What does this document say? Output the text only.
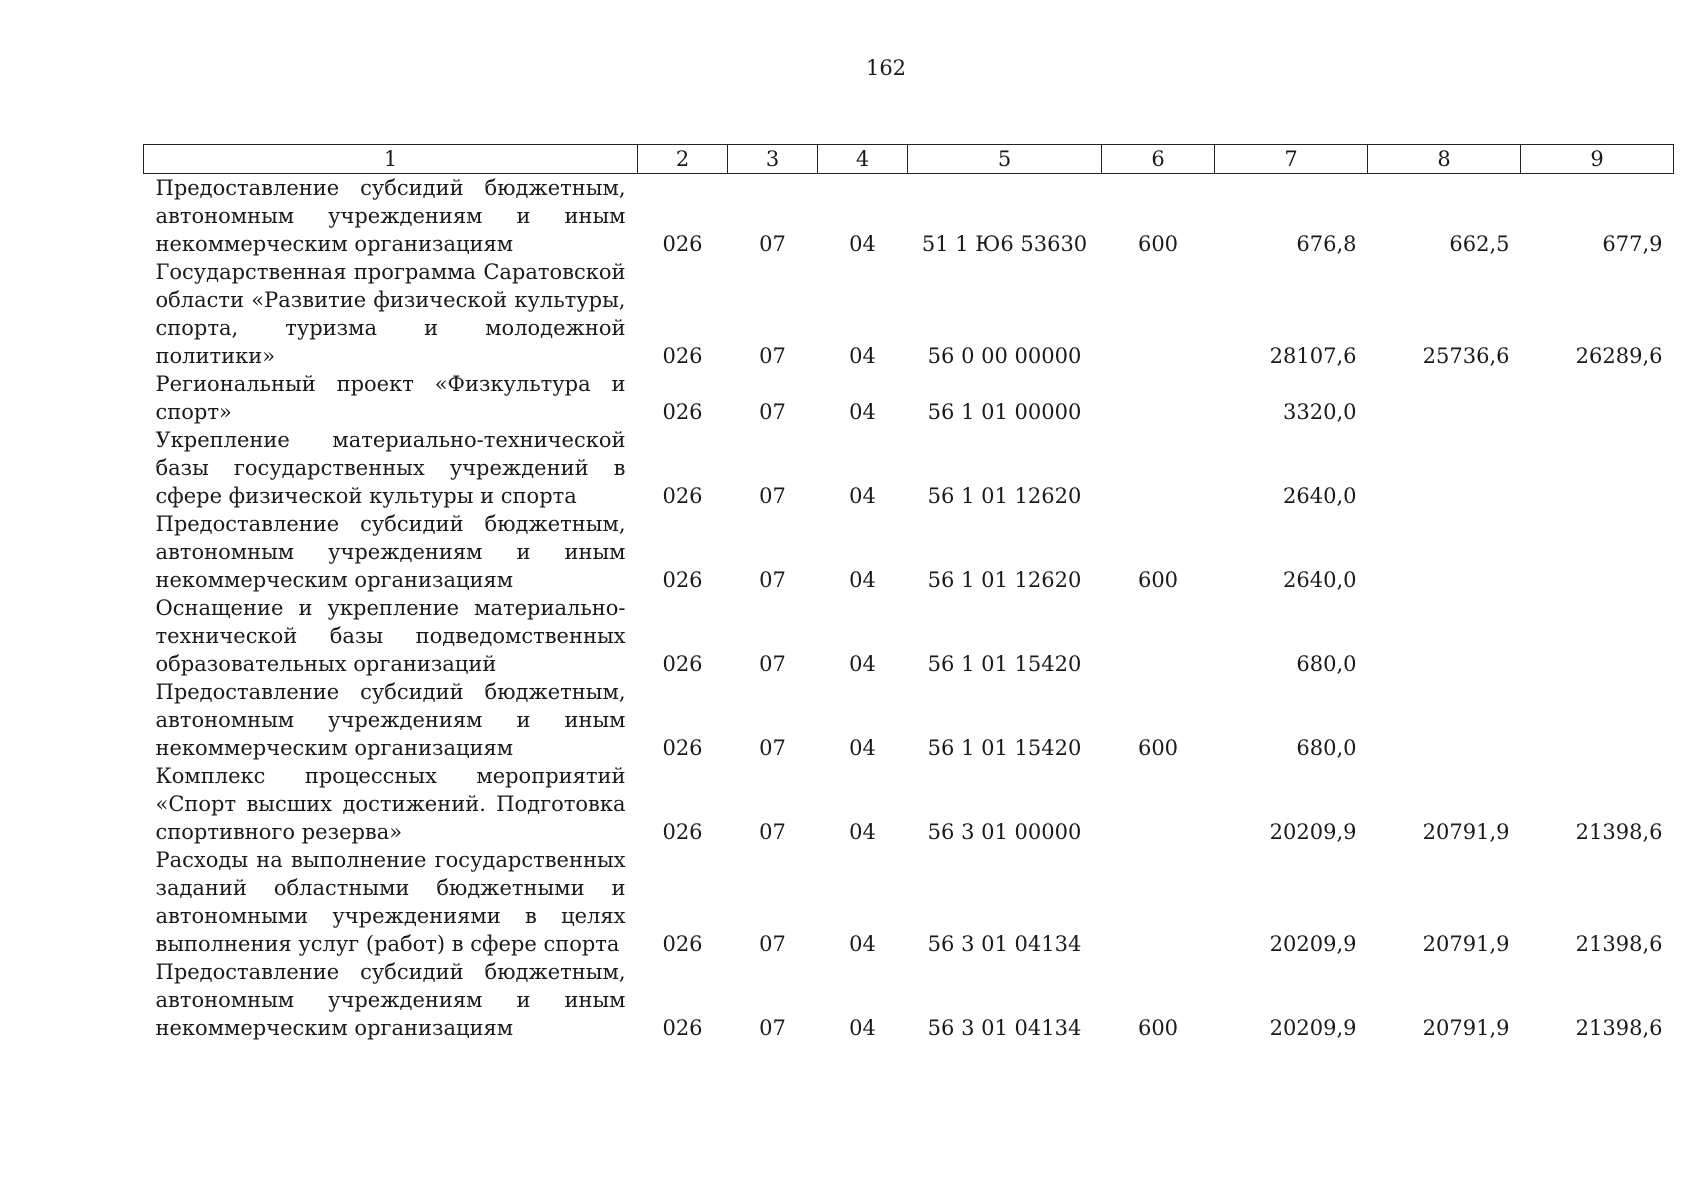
162
1	2	3	4	5	6	7	8	9
Предоставление субсидий бюджетным, автономным учреждениям и иным некоммерческим организациям	026	07	04	51 1 Ю6 53630	600	676,8	662,5	677,9
Государственная программа Саратовской области «Развитие физической культуры, спорта, туризма и молодежной политики»	026	07	04	56 0 00 00000		28107,6	25736,6	26289,6
Региональный проект «Физкультура и спорт»	026	07	04	56 1 01 00000		3320,0		
Укрепление материально-технической базы государственных учреждений в сфере физической культуры и спорта	026	07	04	56 1 01 12620		2640,0		
Предоставление субсидий бюджетным, автономным учреждениям и иным некоммерческим организациям	026	07	04	56 1 01 12620	600	2640,0		
Оснащение и укрепление материально-технической базы подведомственных образовательных организаций	026	07	04	56 1 01 15420		680,0		
Предоставление субсидий бюджетным, автономным учреждениям и иным некоммерческим организациям	026	07	04	56 1 01 15420	600	680,0		
Комплекс процессных мероприятий «Спорт высших достижений. Подготовка спортивного резерва»	026	07	04	56 3 01 00000		20209,9	20791,9	21398,6
Расходы на выполнение государственных заданий областными бюджетными и автономными учреждениями в целях выполнения услуг (работ) в сфере спорта	026	07	04	56 3 01 04134		20209,9	20791,9	21398,6
Предоставление субсидий бюджетным, автономным учреждениям и иным некоммерческим организациям	026	07	04	56 3 01 04134	600	20209,9	20791,9	21398,6
